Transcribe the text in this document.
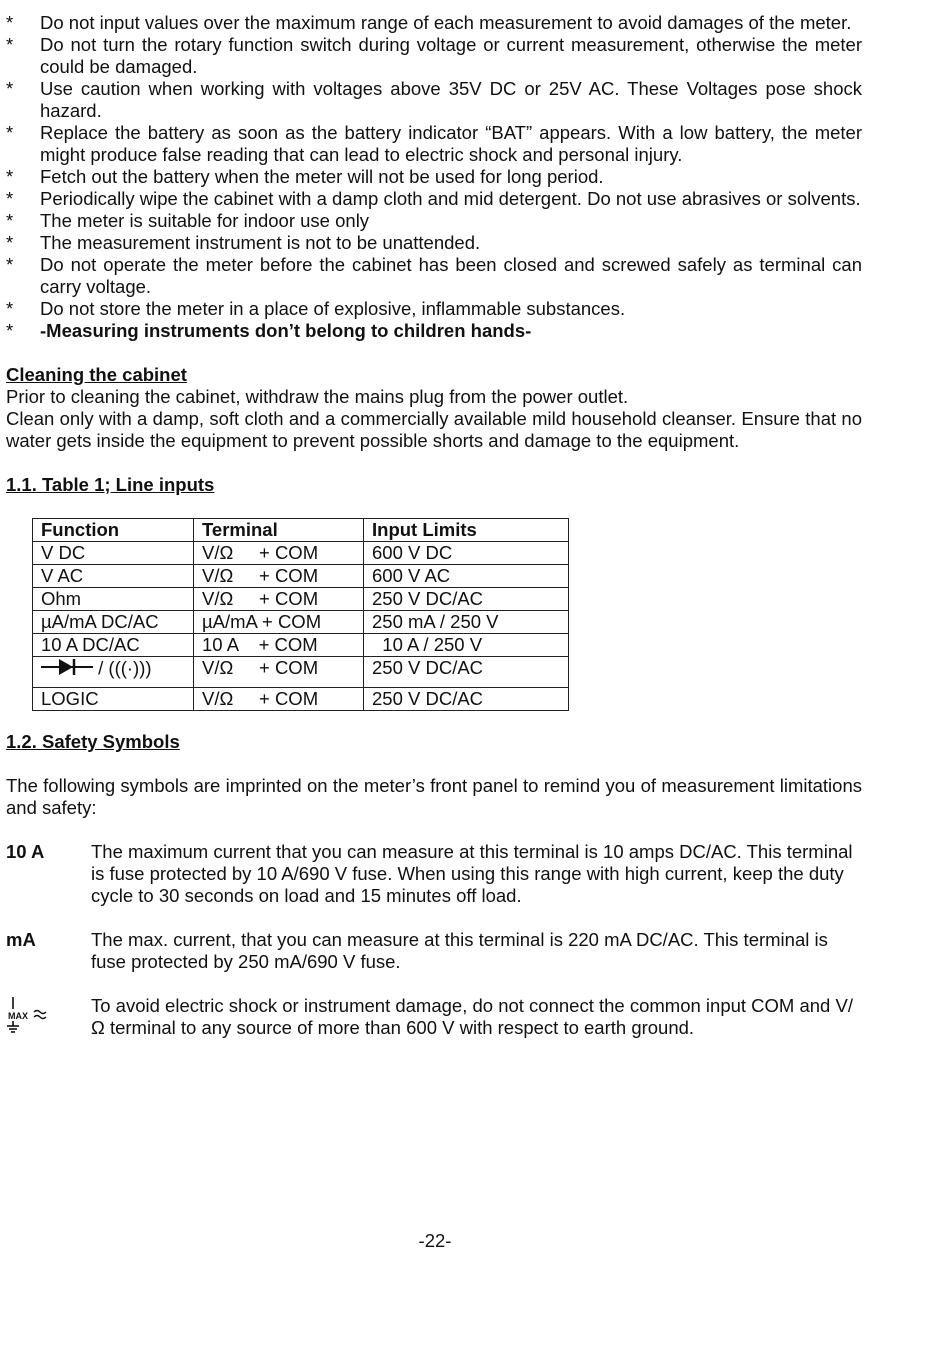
* Do not input values over the maximum range of each measurement to avoid damages of the meter.
* Do not turn the rotary function switch during voltage or current measurement, otherwise the meter could be damaged.
* Use caution when working with voltages above 35V DC or 25V AC. These Voltages pose shock hazard.
* Replace the battery as soon as the battery indicator “BAT” appears. With a low battery, the meter might produce false reading that can lead to electric shock and personal injury.
* Fetch out the battery when the meter will not be used for long period.
* Periodically wipe the cabinet with a damp cloth and mid detergent. Do not use abrasives or solvents.
* The meter is suitable for indoor use only
* The measurement instrument is not to be unattended.
* Do not operate the meter before the cabinet has been closed and screwed safely as terminal can carry voltage.
* Do not store the meter in a place of explosive, inflammable substances.
* -Measuring instruments don’t belong to children hands-
Cleaning the cabinet

Prior to cleaning the cabinet, withdraw the mains plug from the power outlet.

Clean only with a damp, soft cloth and a commercially available mild household cleanser. Ensure that no water gets inside the equipment to prevent possible shorts and damage to the equipment.

1.1. Table 1; Line inputs
Function	Terminal	Input Limits
V DC	V/Ω     + COM	600 V DC
V AC	V/Ω     + COM	600 V AC
Ohm	V/Ω     + COM	250 V DC/AC
µA/mA DC/AC	µA/mA + COM	250 mA / 250 V
10 A DC/AC	10 A    + COM	10 A / 250 V
/ (((·)))	V/Ω     + COM	250 V DC/AC
LOGIC	V/Ω     + COM	250 V DC/AC
1.2. Safety Symbols

The following symbols are imprinted on the meter’s front panel to remind you of measurement limitations and safety:

10 A	The maximum current that you can measure at this terminal is 10 amps DC/AC. This terminal is fuse protected by 10 A/690 V fuse. When using this range with high current, keep the duty cycle to 30 seconds on load and 15 minutes off load.
mA	The max. current, that you can measure at this terminal is 220 mA DC/AC. This terminal is fuse protected by 250 mA/690 V fuse.
MAX	To avoid electric shock or instrument damage, do not connect the common input COM and V/Ω terminal to any source of more than 600 V with respect to earth ground.
-22-
